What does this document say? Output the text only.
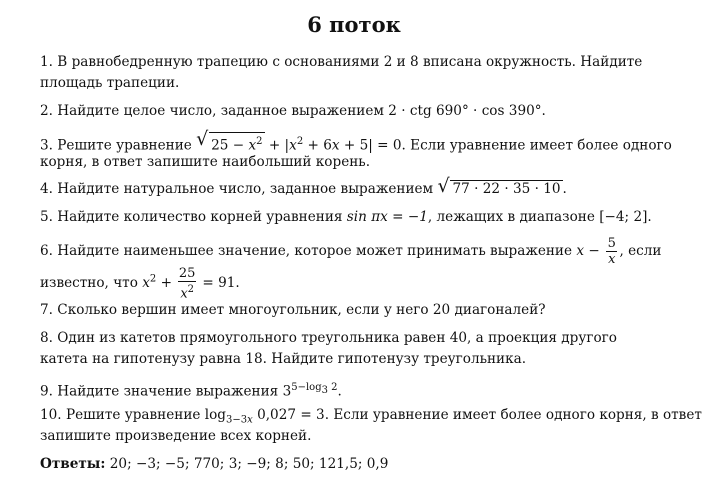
6 поток
1. В равнобедренную трапецию с основаниями 2 и 8 вписана окружность. Найдите площадь трапеции.
2. Найдите целое число, заданное выражением 2 · ctg 690° · cos 390°.
3. Решите уравнение √ $25 - x^2 + |x^2 + 6x + 5| = 0$. Если уравнение имеет более одного
корня, в ответ запишите наибольший корень.
4. Найдите натуральное число, заданное выражением √ 77 · 22 · 35 · 10 .
5. Найдите количество корней уравнения sin πx = −1, лежащих в диапазоне [−4; 2].
6. Найдите наименьшее значение, которое может принимать выражение $x - \frac{5}{x}$ , если
известно, что $x^2 + \frac{25}{x^2} = 91$.
7. Сколько вершин имеет многоугольник, если у него 20 диагоналей?
8. Один из катетов прямоугольного треугольника равен 40, а проекция другого катета на гипотенузу равна 18. Найдите гипотенузу треугольника.
9. Найдите значение выражения $3^{5-log_3 2}$.
10. Решите уравнение $\log_{3-3x} 0,027 = 3$. Если уравнение имеет более одного корня, в ответ
запишите произведение всех корней.
Ответы: 20; −3; −5; 770; 3; −9; 8; 50; 121,5; 0,9
